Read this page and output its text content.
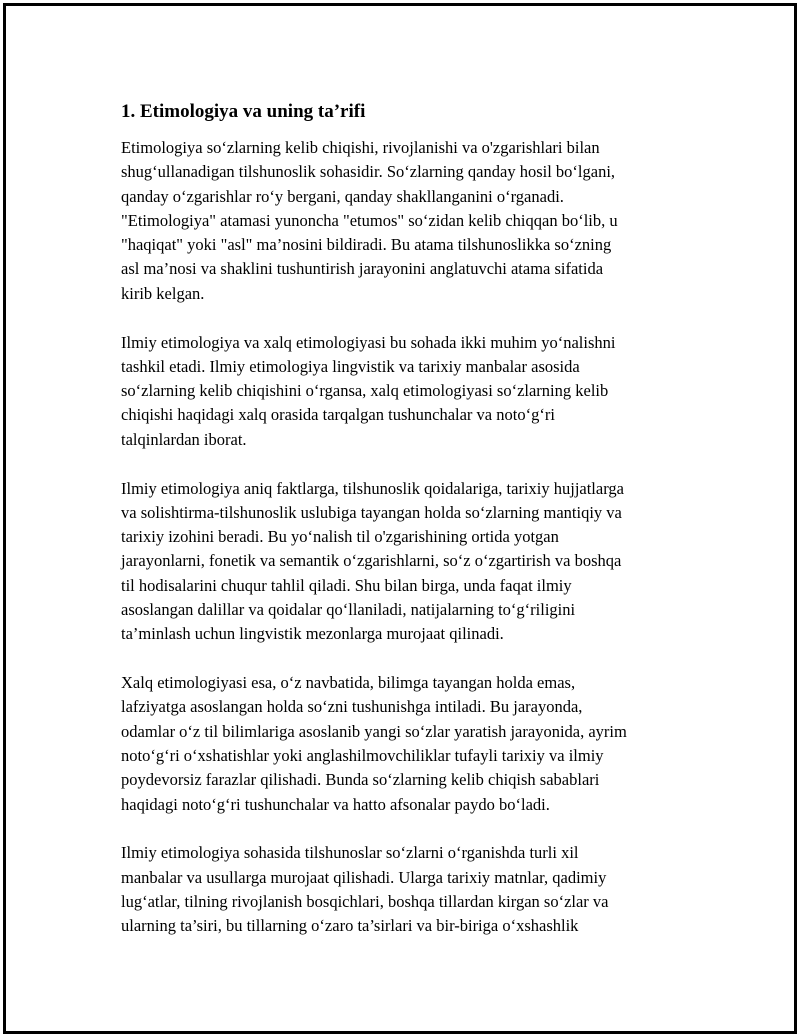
1. Etimologiya va uning ta’rifi
Etimologiya so‘zlarning kelib chiqishi, rivojlanishi va o'zgarishlari bilan
shug‘ullanadigan tilshunoslik sohasidir. So‘zlarning qanday hosil bo‘lgani,
qanday o‘zgarishlar ro‘y bergani, qanday shakllanganini o‘rganadi.
"Etimologiya" atamasi yunoncha "etumos" so‘zidan kelib chiqqan bo‘lib, u
"haqiqat" yoki "asl" ma’nosini bildiradi. Bu atama tilshunoslikka so‘zning
asl ma’nosi va shaklini tushuntirish jarayonini anglatuvchi atama sifatida
kirib kelgan.
Ilmiy etimologiya va xalq etimologiyasi bu sohada ikki muhim yo‘nalishni
tashkil etadi. Ilmiy etimologiya lingvistik va tarixiy manbalar asosida
so‘zlarning kelib chiqishini o‘rgansa, xalq etimologiyasi so‘zlarning kelib
chiqishi haqidagi xalq orasida tarqalgan tushunchalar va noto‘g‘ri
talqinlardan iborat.
Ilmiy etimologiya aniq faktlarga, tilshunoslik qoidalariga, tarixiy hujjatlarga
va solishtirma-tilshunoslik uslubiga tayangan holda so‘zlarning mantiqiy va
tarixiy izohini beradi. Bu yo‘nalish til o'zgarishining ortida yotgan
jarayonlarni, fonetik va semantik o‘zgarishlarni, so‘z o‘zgartirish va boshqa
til hodisalarini chuqur tahlil qiladi. Shu bilan birga, unda faqat ilmiy
asoslangan dalillar va qoidalar qo‘llaniladi, natijalarning to‘g‘riligini
ta’minlash uchun lingvistik mezonlarga murojaat qilinadi.
Xalq etimologiyasi esa, o‘z navbatida, bilimga tayangan holda emas,
lafziyatga asoslangan holda so‘zni tushunishga intiladi. Bu jarayonda,
odamlar o‘z til bilimlariga asoslanib yangi so‘zlar yaratish jarayonida, ayrim
noto‘g‘ri o‘xshatishlar yoki anglashilmovchiliklar tufayli tarixiy va ilmiy
poydevorsiz farazlar qilishadi. Bunda so‘zlarning kelib chiqish sabablari
haqidagi noto‘g‘ri tushunchalar va hatto afsonalar paydo bo‘ladi.
Ilmiy etimologiya sohasida tilshunoslar so‘zlarni o‘rganishda turli xil
manbalar va usullarga murojaat qilishadi. Ularga tarixiy matnlar, qadimiy
lug‘atlar, tilning rivojlanish bosqichlari, boshqa tillardan kirgan so‘zlar va
ularning ta’siri, bu tillarning o‘zaro ta’sirlari va bir-biriga o‘xshashlik
